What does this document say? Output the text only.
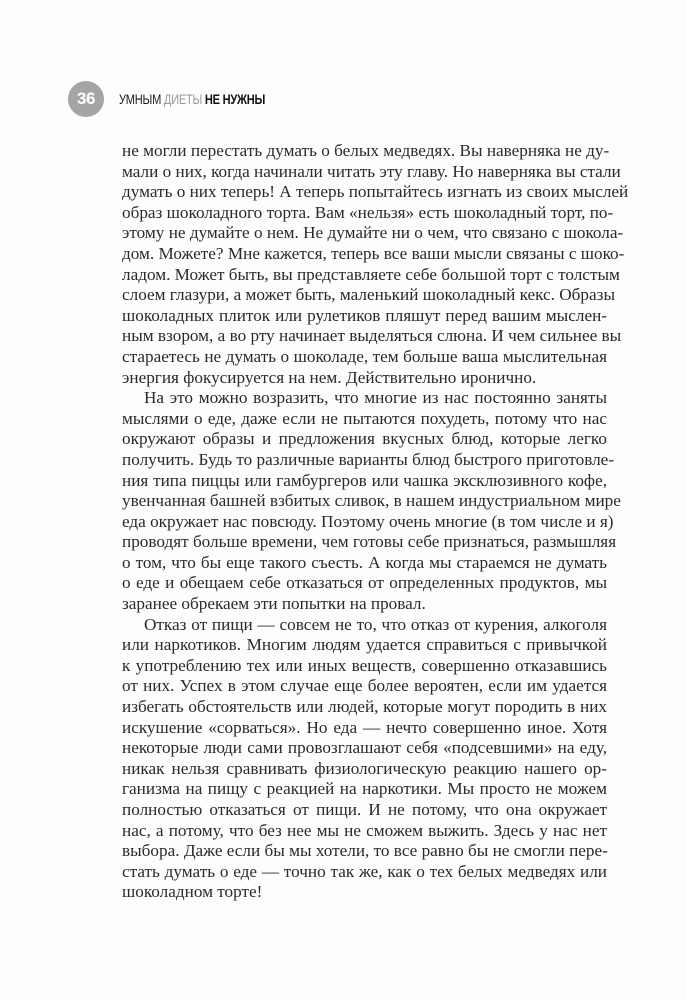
36 УМНЫМ ДИЕТЫ НЕ НУЖНЫ

не могли перестать думать о белых медведях. Вы наверняка не ду-
мали о них, когда начинали читать эту главу. Но наверняка вы стали
думать о них теперь! А теперь попытайтесь изгнать из своих мыслей
образ шоколадного торта. Вам «нельзя» есть шоколадный торт, по-
этому не думайте о нем. Не думайте ни о чем, что связано с шокола-
дом. Можете? Мне кажется, теперь все ваши мысли связаны с шоко-
ладом. Может быть, вы представляете себе большой торт с толстым
слоем глазури, а может быть, маленький шоколадный кекс. Образы
шоколадных плиток или рулетиков пляшут перед вашим мыслен-
ным взором, а во рту начинает выделяться слюна. И чем сильнее вы
стараетесь не думать о шоколаде, тем больше ваша мыслительная
энергия фокусируется на нем. Действительно иронично.

На это можно возразить, что многие из нас постоянно заняты
мыслями о еде, даже если не пытаются похудеть, потому что нас
окружают образы и предложения вкусных блюд, которые легко
получить. Будь то различные варианты блюд быстрого приготовле-
ния типа пиццы или гамбургеров или чашка эксклюзивного кофе,
увенчанная башней взбитых сливок, в нашем индустриальном мире
еда окружает нас повсюду. Поэтому очень многие (в том числе и я)
проводят больше времени, чем готовы себе признаться, размышляя
о том, что бы еще такого съесть. А когда мы стараемся не думать
о еде и обещаем себе отказаться от определенных продуктов, мы
заранее обрекаем эти попытки на провал.

Отказ от пищи — совсем не то, что отказ от курения, алкоголя
или наркотиков. Многим людям удается справиться с привычкой
к употреблению тех или иных веществ, совершенно отказавшись
от них. Успех в этом случае еще более вероятен, если им удается
избегать обстоятельств или людей, которые могут породить в них
искушение «сорваться». Но еда — нечто совершенно иное. Хотя
некоторые люди сами провозглашают себя «подсевшими» на еду,
никак нельзя сравнивать физиологическую реакцию нашего ор-
ганизма на пищу с реакцией на наркотики. Мы просто не можем
полностью отказаться от пищи. И не потому, что она окружает
нас, а потому, что без нее мы не сможем выжить. Здесь у нас нет
выбора. Даже если бы мы хотели, то все равно бы не смогли пере-
стать думать о еде — точно так же, как о тех белых медведях или
шоколадном торте!
